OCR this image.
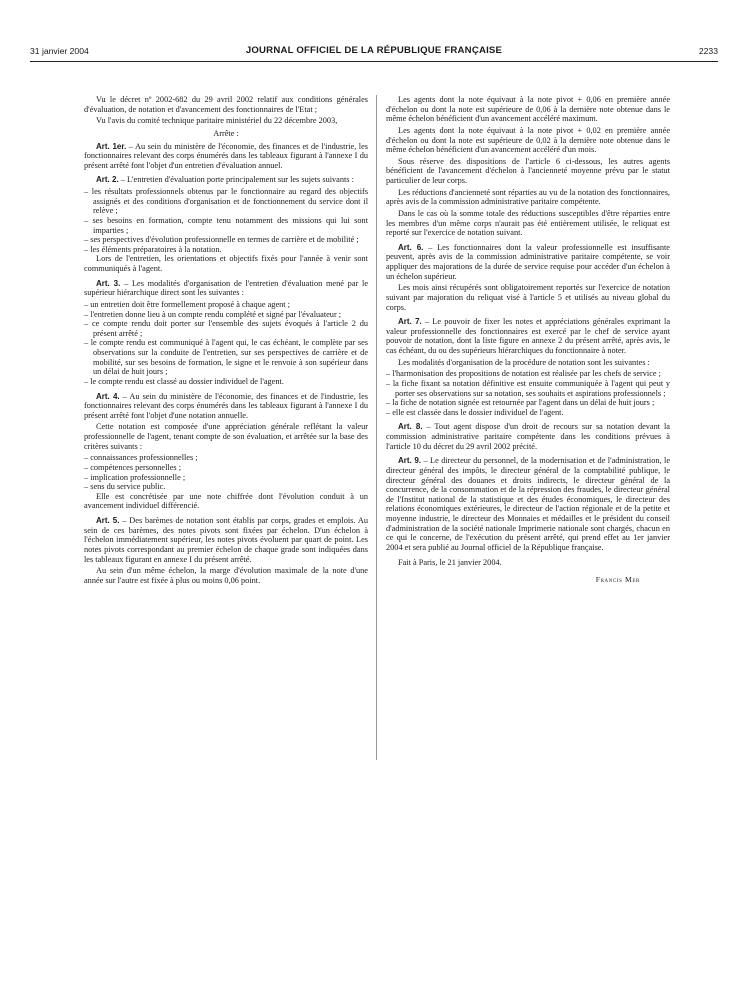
31 janvier 2004	JOURNAL OFFICIEL DE LA RÉPUBLIQUE FRANÇAISE	2233

Vu le décret nº 2002-682 du 29 avril 2002 relatif aux conditions générales d'évaluation, de notation et d'avancement des fonctionnaires de l'Etat ;

Vu l'avis du comité technique paritaire ministériel du 22 décembre 2003,

Arrête :

Art. 1er. – Au sein du ministère de l'économie, des finances et de l'industrie, les fonctionnaires relevant des corps énumérés dans les tableaux figurant à l'annexe I du présent arrêté font l'objet d'un entretien d'évaluation annuel.

Art. 2. – L'entretien d'évaluation porte principalement sur les sujets suivants :

– les résultats professionnels obtenus par le fonctionnaire au regard des objectifs assignés et des conditions d'organisation et de fonctionnement du service dont il relève ;

– ses besoins en formation, compte tenu notamment des missions qui lui sont imparties ;

– ses perspectives d'évolution professionnelle en termes de carrière et de mobilité ;

– les éléments préparatoires à la notation.

Lors de l'entretien, les orientations et objectifs fixés pour l'année à venir sont communiqués à l'agent.

Art. 3. – Les modalités d'organisation de l'entretien d'évaluation mené par le supérieur hiérarchique direct sont les suivantes :

– un entretien doit être formellement proposé à chaque agent ;

– l'entretien donne lieu à un compte rendu complété et signé par l'évaluateur ;

– ce compte rendu doit porter sur l'ensemble des sujets évoqués à l'article 2 du présent arrêté ;

– le compte rendu est communiqué à l'agent qui, le cas échéant, le complète par ses observations sur la conduite de l'entretien, sur ses perspectives de carrière et de mobilité, sur ses besoins de formation, le signe et le renvoie à son supérieur dans un délai de huit jours ;

– le compte rendu est classé au dossier individuel de l'agent.

Art. 4. – Au sein du ministère de l'économie, des finances et de l'industrie, les fonctionnaires relevant des corps énumérés dans les tableaux figurant à l'annexe I du présent arrêté font l'objet d'une notation annuelle.

Cette notation est composée d'une appréciation générale reflétant la valeur professionnelle de l'agent, tenant compte de son évaluation, et arrêtée sur la base des critères suivants :

– connaissances professionnelles ;

– compétences personnelles ;

– implication professionnelle ;

– sens du service public.

Elle est concrétisée par une note chiffrée dont l'évolution conduit à un avancement individuel différencié.

Art. 5. – Des barèmes de notation sont établis par corps, grades et emplois. Au sein de ces barèmes, des notes pivots sont fixées par échelon. D'un échelon à l'échelon immédiatement supérieur, les notes pivots évoluent par quart de point. Les notes pivots correspondant au premier échelon de chaque grade sont indiquées dans les tableaux figurant en annexe I du présent arrêté.

Au sein d'un même échelon, la marge d'évolution maximale de la note d'une année sur l'autre est fixée à plus ou moins 0,06 point.

Les agents dont la note équivaut à la note pivot + 0,06 en première année d'échelon ou dont la note est supérieure de 0,06 à la dernière note obtenue dans le même échelon bénéficient d'un avancement accéléré maximum.

Les agents dont la note équivaut à la note pivot + 0,02 en première année d'échelon ou dont la note est supérieure de 0,02 à la dernière note obtenue dans le même échelon bénéficient d'un avancement accéléré d'un mois.

Sous réserve des dispositions de l'article 6 ci-dessous, les autres agents bénéficient de l'avancement d'échelon à l'ancienneté moyenne prévu par le statut particulier de leur corps.

Les réductions d'ancienneté sont réparties au vu de la notation des fonctionnaires, après avis de la commission administrative paritaire compétente.

Dans le cas où la somme totale des réductions susceptibles d'être réparties entre les membres d'un même corps n'aurait pas été entièrement utilisée, le reliquat est reporté sur l'exercice de notation suivant.

Art. 6. – Les fonctionnaires dont la valeur professionnelle est insuffisante peuvent, après avis de la commission administrative paritaire compétente, se voir appliquer des majorations de la durée de service requise pour accéder d'un échelon à un échelon supérieur.

Les mois ainsi récupérés sont obligatoirement reportés sur l'exercice de notation suivant par majoration du reliquat visé à l'article 5 et utilisés au niveau global du corps.

Art. 7. – Le pouvoir de fixer les notes et appréciations générales exprimant la valeur professionnelle des fonctionnaires est exercé par le chef de service ayant pouvoir de notation, dont la liste figure en annexe 2 du présent arrêté, après avis, le cas échéant, du ou des supérieurs hiérarchiques du fonctionnaire à noter.

Les modalités d'organisation de la procédure de notation sont les suivantes :

– l'harmonisation des propositions de notation est réalisée par les chefs de service ;

– la fiche fixant sa notation définitive est ensuite communiquée à l'agent qui peut y porter ses observations sur sa notation, ses souhaits et aspirations professionnels ;

– la fiche de notation signée est retournée par l'agent dans un délai de huit jours ;

– elle est classée dans le dossier individuel de l'agent.

Art. 8. – Tout agent dispose d'un droit de recours sur sa notation devant la commission administrative paritaire compétente dans les conditions prévues à l'article 10 du décret du 29 avril 2002 précité.

Art. 9. – Le directeur du personnel, de la modernisation et de l'administration, le directeur général des impôts, le directeur général de la comptabilité publique, le directeur général des douanes et droits indirects, le directeur général de la concurrence, de la consommation et de la répression des fraudes, le directeur général de l'Institut national de la statistique et des études économiques, le directeur des relations économiques extérieures, le directeur de l'action régionale et de la petite et moyenne industrie, le directeur des Monnaies et médailles et le président du conseil d'administration de la société nationale Imprimerie nationale sont chargés, chacun en ce qui le concerne, de l'exécution du présent arrêté, qui prend effet au 1er janvier 2004 et sera publié au Journal officiel de la République française.

Fait à Paris, le 21 janvier 2004.

Francis Mer
